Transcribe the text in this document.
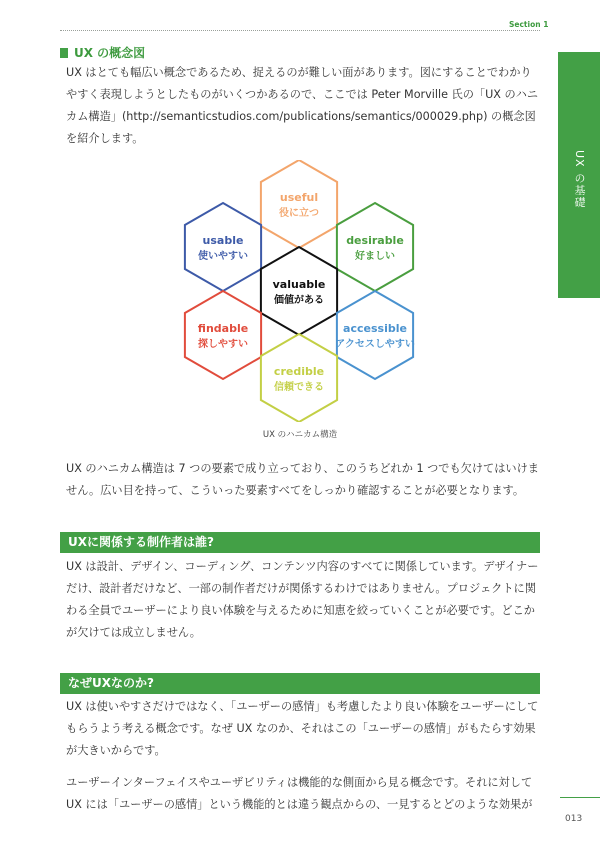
Section 1
UX の基礎
UX の概念図

UX はとても幅広い概念であるため、捉えるのが難しい面があります。図にすることでわかりやすく表現しようとしたものがいくつかあるので、ここでは Peter Morville 氏の「UX のハニカム構造」(http://semanticstudios.com/publications/semantics/000029.php) の概念図を紹介します。

useful
役に立つ
usable
使いやすい
desirable
好ましい
valuable
価値がある
findable
探しやすい
accessible
アクセスしやすい
credible
信頼できる
UX のハニカム構造

UX のハニカム構造は 7 つの要素で成り立っており、このうちどれか 1 つでも欠けてはいけません。広い目を持って、こういった要素すべてをしっかり確認することが必要となります。

UXに関係する制作者は誰?

UX は設計、デザイン、コーディング、コンテンツ内容のすべてに関係しています。デザイナーだけ、設計者だけなど、一部の制作者だけが関係するわけではありません。プロジェクトに関わる全員でユーザーにより良い体験を与えるために知恵を絞っていくことが必要です。どこかが欠けては成立しません。

なぜUXなのか?

UX は使いやすさだけではなく、「ユーザーの感情」も考慮したより良い体験をユーザーにしてもらうよう考える概念です。なぜ UX なのか、それはこの「ユーザーの感情」がもたらす効果が大きいからです。

ユーザーインターフェイスやユーザビリティは機能的な側面から見る概念です。それに対して UX には「ユーザーの感情」という機能的とは違う観点からの、一見するとどのような効果が

013
